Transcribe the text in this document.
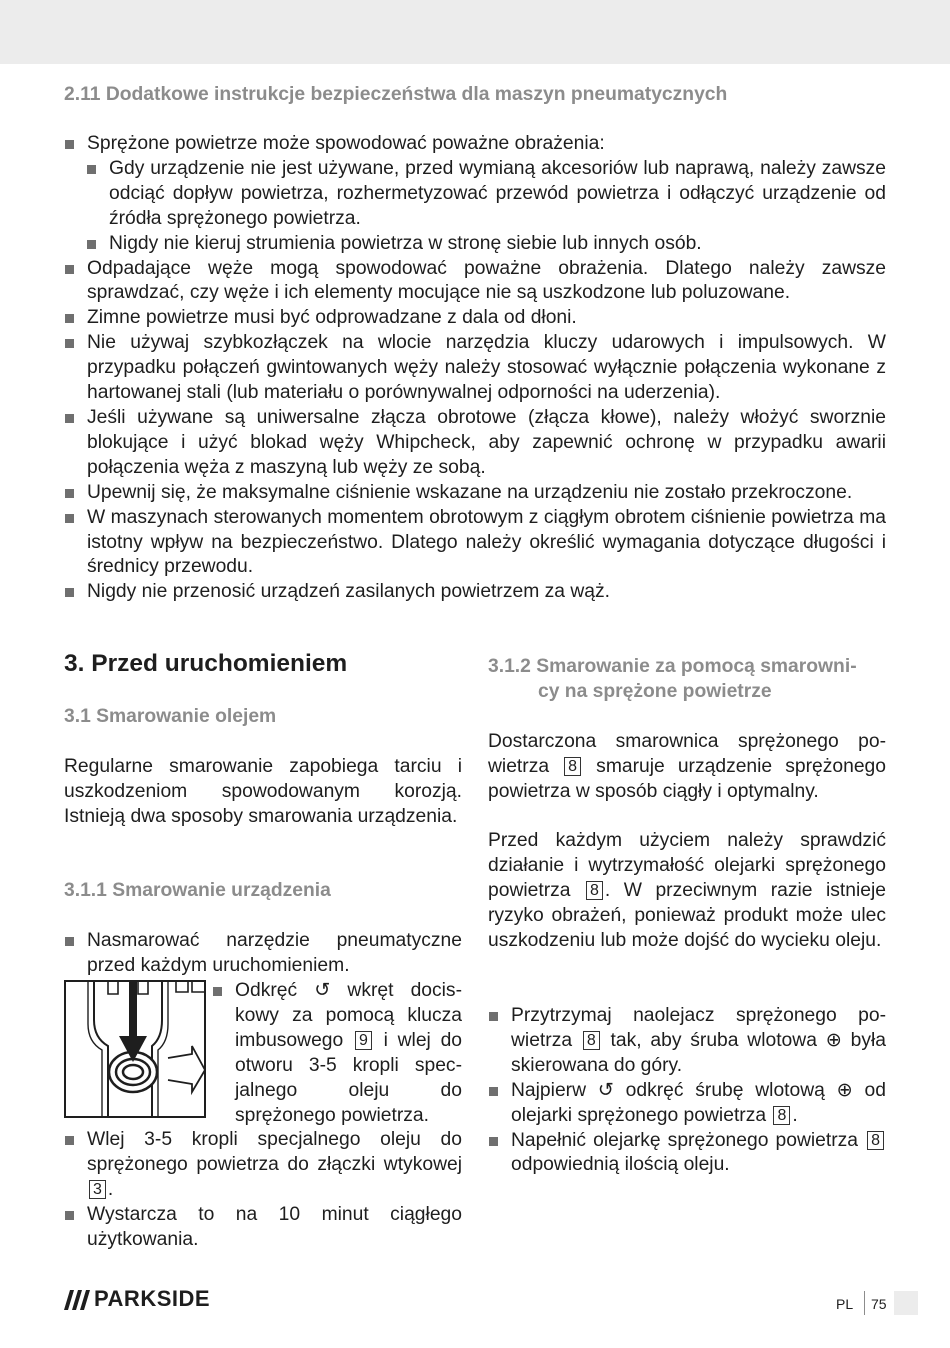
2.11 Dodatkowe instrukcje bezpieczeństwa dla maszyn pneumatycznych
Sprężone powietrze może spowodować poważne obrażenia:
Gdy urządzenie nie jest używane, przed wymianą akcesoriów lub naprawą, należy zawsze odciąć dopływ powietrza, rozhermetyzować przewód powietrza i odłączyć urządzenie od źródła sprężonego powietrza.
Nigdy nie kieruj strumienia powietrza w stronę siebie lub innych osób.
Odpadające węże mogą spowodować poważne obrażenia. Dlatego należy zawsze sprawdzać, czy węże i ich elementy mocujące nie są uszkodzone lub poluzowane.
Zimne powietrze musi być odprowadzane z dala od dłoni.
Nie używaj szybkozłączek na wlocie narzędzia kluczy udarowych i impulsowych. W przypadku połączeń gwintowanych węży należy stosować wyłącznie połączenia wykonane z hartowanej stali (lub materiału o porównywalnej odporności na uderzenia).
Jeśli używane są uniwersalne złącza obrotowe (złącza kłowe), należy włożyć sworznie blokujące i użyć blokad węży Whipcheck, aby zapewnić ochronę w przypadku awarii połączenia węża z maszyną lub węży ze sobą.
Upewnij się, że maksymalne ciśnienie wskazane na urządzeniu nie zostało przekroczone.
W maszynach sterowanych momentem obrotowym z ciągłym obrotem ciśnienie powietrza ma istotny wpływ na bezpieczeństwo. Dlatego należy określić wymagania dotyczące długości i średnicy przewodu.
Nigdy nie przenosić urządzeń zasilanych powietrzem za wąż.
3. Przed uruchomieniem
3.1 Smarowanie olejem
Regularne smarowanie zapobiega tarciu i uszkodzeniom spowodowanym korozją. Istnieją dwa sposoby smarowania urządzenia.
3.1.1 Smarowanie urządzenia
Nasmarować narzędzie pneumatyczne przed każdym uruchomieniem.
Odkręć ↺ wkręt dociskowy za pomocą klucza imbusowego 9 i wlej do otworu 3-5 kropli specjalnego oleju do sprężonego powietrza.
Wlej 3-5 kropli specjalnego oleju do sprężonego powietrza do złączki wtykowej 3 .
Wystarcza to na 10 minut ciągłego użytkowania.
3.1.2 Smarowanie za pomocą smarowni-
cy na sprężone powietrze
Dostarczona smarownica sprężonego powietrza 8 smaruje urządzenie sprężonego powietrza w sposób ciągły i optymalny.
Przed każdym użyciem należy sprawdzić działanie i wytrzymałość olejarki sprężonego powietrza 8 . W przeciwnym razie istnieje ryzyko obrażeń, ponieważ produkt może ulec uszkodzeniu lub może dojść do wycieku oleju.
Przytrzymaj naolejacz sprężonego powietrza 8 tak, aby śruba wlotowa ⊕ była skierowana do góry.
Najpierw ↺ odkręć śrubę wlotową ⊕ od olejarki sprężonego powietrza 8 .
Napełnić olejarkę sprężonego powietrza 8 odpowiednią ilością oleju.
PARKSIDE	PL 75
